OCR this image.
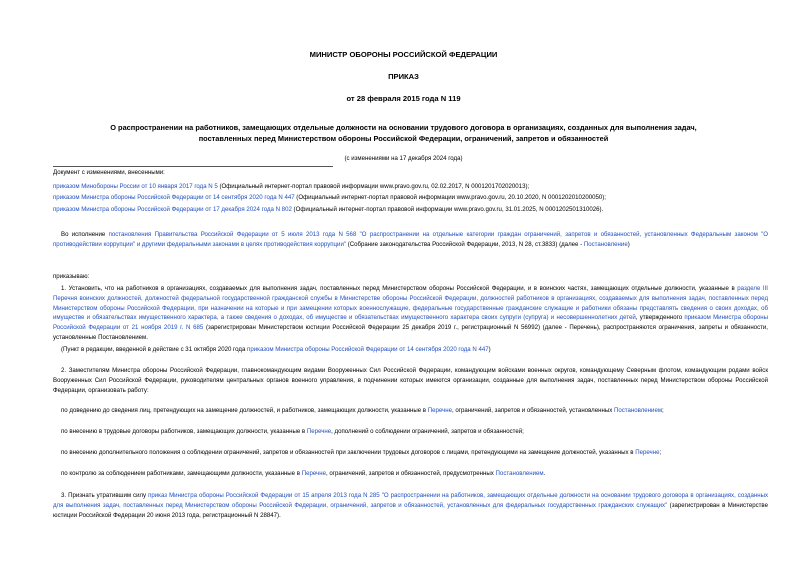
МИНИСТР ОБОРОНЫ РОССИЙСКОЙ ФЕДЕРАЦИИ
ПРИКАЗ
от 28 февраля 2015 года N 119
О распространении на работников, замещающих отдельные должности на основании трудового договора в организациях, созданных для выполнения задач,
поставленных перед Министерством обороны Российской Федерации, ограничений, запретов и обязанностей
(с изменениями на 17 декабря 2024 года)
Документ с изменениями, внесенными:
приказом Минобороны России от 10 января 2017 года N 5 (Официальный интернет-портал правовой информации www.pravo.gov.ru, 02.02.2017, N 0001201702020013);
приказом Министра обороны Российской Федерации от 14 сентября 2020 года N 447 (Официальный интернет-портал правовой информации www.pravo.gov.ru, 20.10.2020, N 0001202010200050);
приказом Министра обороны Российской Федерации от 17 декабря 2024 года N 802 (Официальный интернет-портал правовой информации www.pravo.gov.ru, 31.01.2025, N 0001202501310026).
Во исполнение постановления Правительства Российской Федерации от 5 июля 2013 года N 568 "О распространении на отдельные категории граждан ограничений, запретов и обязанностей, установленных Федеральным законом "О противодействии коррупции" и другими федеральными законами в целях противодействия коррупции" (Собрание законодательства Российской Федерации, 2013, N 28, ст.3833) (далее - Постановление)
приказываю:
1. Установить, что на работников в организациях, создаваемых для выполнения задач, поставленных перед Министерством обороны Российской Федерации, и в воинских частях, замещающих отдельные должности, указанные в разделе III Перечня воинских должностей, должностей федеральной государственной гражданской службы в Министерстве обороны Российской Федерации, должностей работников в организациях, создаваемых для выполнения задач, поставленных перед Министерством обороны Российской Федерации, при назначении на которые и при замещении которых военнослужащие, федеральные государственные гражданские служащие и работники обязаны представлять сведения о своих доходах, об имуществе и обязательствах имущественного характера, а также сведения о доходах, об имуществе и обязательствах имущественного характера своих супруги (супруга) и несовершеннолетних детей, утвержденного приказом Министра обороны Российской Федерации от 21 ноября 2019 г. N 685 (зарегистрирован Министерством юстиции Российской Федерации 25 декабря 2019 г., регистрационный N 56992) (далее - Перечень), распространяются ограничения, запреты и обязанности, установленные Постановлением.
(Пункт в редакции, введенной в действие с 31 октября 2020 года приказом Министра обороны Российской Федерации от 14 сентября 2020 года N 447)
2. Заместителям Министра обороны Российской Федерации, главнокомандующим видами Вооруженных Сил Российской Федерации, командующим войсками военных округов, командующему Северным флотом, командующим родами войск Вооруженных Сил Российской Федерации, руководителям центральных органов военного управления, в подчинении которых имеются организации, созданные для выполнения задач, поставленных перед Министерством обороны Российской Федерации, организовать работу:
по доведению до сведения лиц, претендующих на замещение должностей, и работников, замещающих должности, указанные в Перечне, ограничений, запретов и обязанностей, установленных Постановлением;
по внесению в трудовые договоры работников, замещающих должности, указанные в Перечне, дополнений о соблюдении ограничений, запретов и обязанностей;
по внесению дополнительного положения о соблюдении ограничений, запретов и обязанностей при заключении трудовых договоров с лицами, претендующими на замещение должностей, указанных в Перечне;
по контролю за соблюдением работниками, замещающими должности, указанные в Перечне, ограничений, запретов и обязанностей, предусмотренных Постановлением.
3. Признать утратившим силу приказ Министра обороны Российской Федерации от 15 апреля 2013 года N 285 "О распространении на работников, замещающих отдельные должности на основании трудового договора в организациях, созданных для выполнения задач, поставленных перед Министерством обороны Российской Федерации, ограничений, запретов и обязанностей, установленных для федеральных государственных гражданских служащих" (зарегистрирован в Министерстве юстиции Российской Федерации 20 июня 2013 года, регистрационный N 28847).
